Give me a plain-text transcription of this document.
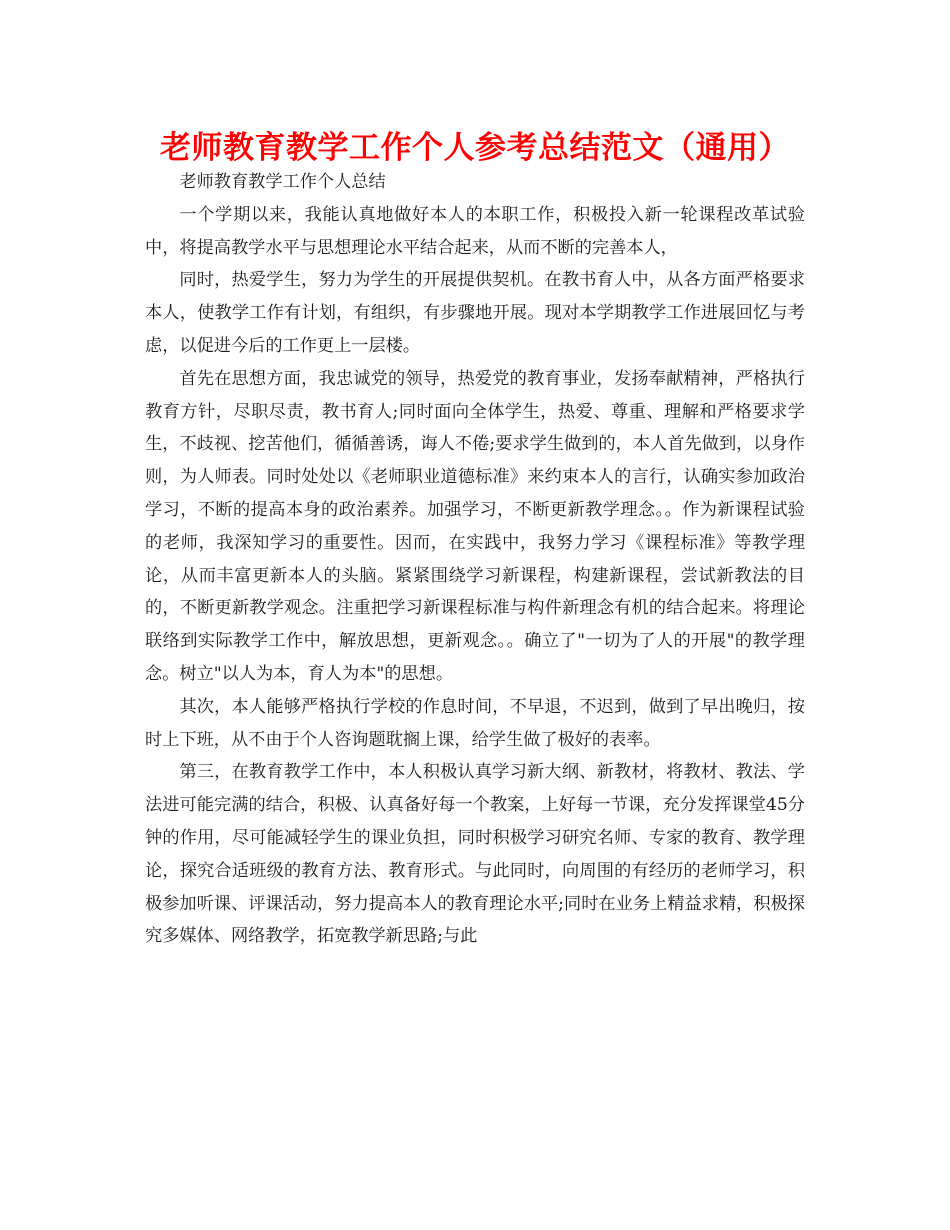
老师教育教学工作个人参考总结范文（通用）

老师教育教学工作个人总结

一个学期以来，我能认真地做好本人的本职工作，积极投入新一轮课程改革试验中，将提高教学水平与思想理论水平结合起来，从而不断的完善本人，

同时，热爱学生，努力为学生的开展提供契机。在教书育人中，从各方面严格要求本人，使教学工作有计划，有组织，有步骤地开展。现对本学期教学工作进展回忆与考虑，以促进今后的工作更上一层楼。

首先在思想方面，我忠诚党的领导，热爱党的教育事业，发扬奉献精神，严格执行教育方针，尽职尽责，教书育人;同时面向全体学生，热爱、尊重、理解和严格要求学生，不歧视、挖苦他们，循循善诱，诲人不倦;要求学生做到的，本人首先做到，以身作则，为人师表。同时处处以《老师职业道德标准》来约束本人的言行，认确实参加政治学习，不断的提高本身的政治素养。加强学习，不断更新教学理念。。作为新课程试验的老师，我深知学习的重要性。因而，在实践中，我努力学习《课程标准》等教学理论，从而丰富更新本人的头脑。紧紧围绕学习新课程，构建新课程，尝试新教法的目的，不断更新教学观念。注重把学习新课程标准与构件新理念有机的结合起来。将理论联络到实际教学工作中，解放思想，更新观念。。确立了"一切为了人的开展"的教学理念。树立"以人为本，育人为本"的思想。

其次，本人能够严格执行学校的作息时间，不早退，不迟到，做到了早出晚归，按时上下班，从不由于个人咨询题耽搁上课，给学生做了极好的表率。

第三，在教育教学工作中，本人积极认真学习新大纲、新教材，将教材、教法、学法进可能完满的结合，积极、认真备好每一个教案，上好每一节课，充分发挥课堂45分钟的作用，尽可能减轻学生的课业负担，同时积极学习研究名师、专家的教育、教学理论，探究合适班级的教育方法、教育形式。与此同时，向周围的有经历的老师学习，积极参加听课、评课活动，努力提高本人的教育理论水平;同时在业务上精益求精，积极探究多媒体、网络教学，拓宽教学新思路;与此
